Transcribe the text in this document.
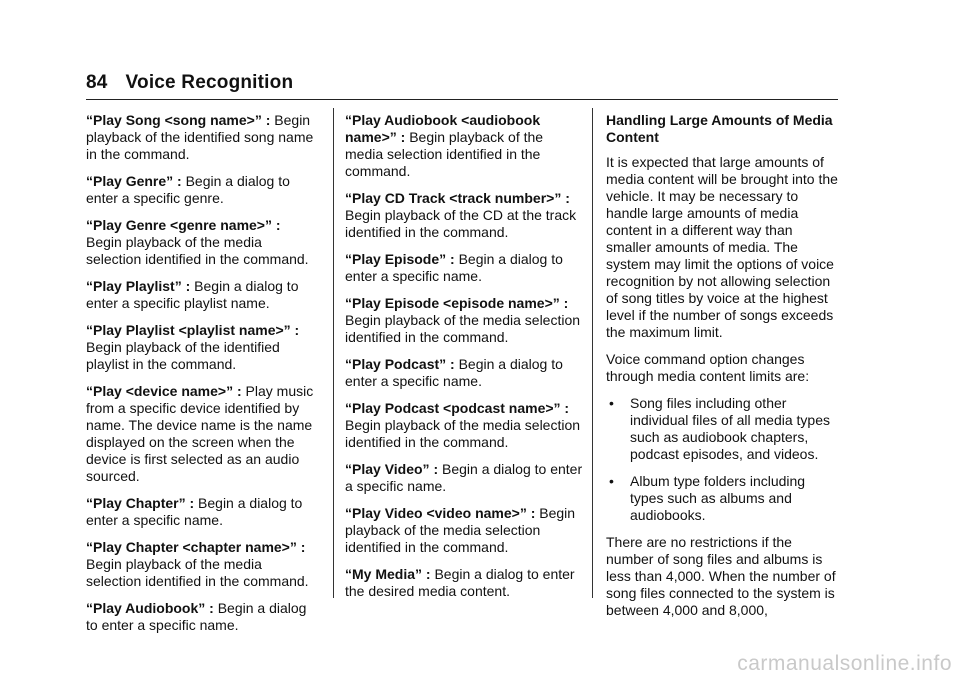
84 Voice Recognition
“Play Song <song name>” : Begin playback of the identified song name in the command.
“Play Genre” : Begin a dialog to enter a specific genre.
“Play Genre <genre name>” : Begin playback of the media selection identified in the command.
“Play Playlist” : Begin a dialog to enter a specific playlist name.
“Play Playlist <playlist name>” : Begin playback of the identified playlist in the command.
“Play <device name>” : Play music from a specific device identified by name. The device name is the name displayed on the screen when the device is first selected as an audio sourced.
“Play Chapter” : Begin a dialog to enter a specific name.
“Play Chapter <chapter name>” : Begin playback of the media selection identified in the command.
“Play Audiobook” : Begin a dialog to enter a specific name.
“Play Audiobook <audiobook name>” : Begin playback of the media selection identified in the command.
“Play CD Track <track number>” : Begin playback of the CD at the track identified in the command.
“Play Episode” : Begin a dialog to enter a specific name.
“Play Episode <episode name>” : Begin playback of the media selection identified in the command.
“Play Podcast” : Begin a dialog to enter a specific name.
“Play Podcast <podcast name>” : Begin playback of the media selection identified in the command.
“Play Video” : Begin a dialog to enter a specific name.
“Play Video <video name>” : Begin playback of the media selection identified in the command.
“My Media” : Begin a dialog to enter the desired media content.
Handling Large Amounts of Media Content
It is expected that large amounts of media content will be brought into the vehicle. It may be necessary to handle large amounts of media content in a different way than smaller amounts of media. The system may limit the options of voice recognition by not allowing selection of song titles by voice at the highest level if the number of songs exceeds the maximum limit.
Voice command option changes through media content limits are:
• Song files including other individual files of all media types such as audiobook chapters, podcast episodes, and videos.
• Album type folders including types such as albums and audiobooks.
There are no restrictions if the number of song files and albums is less than 4,000. When the number of song files connected to the system is between 4,000 and 8,000,
carmanualsonline.info
